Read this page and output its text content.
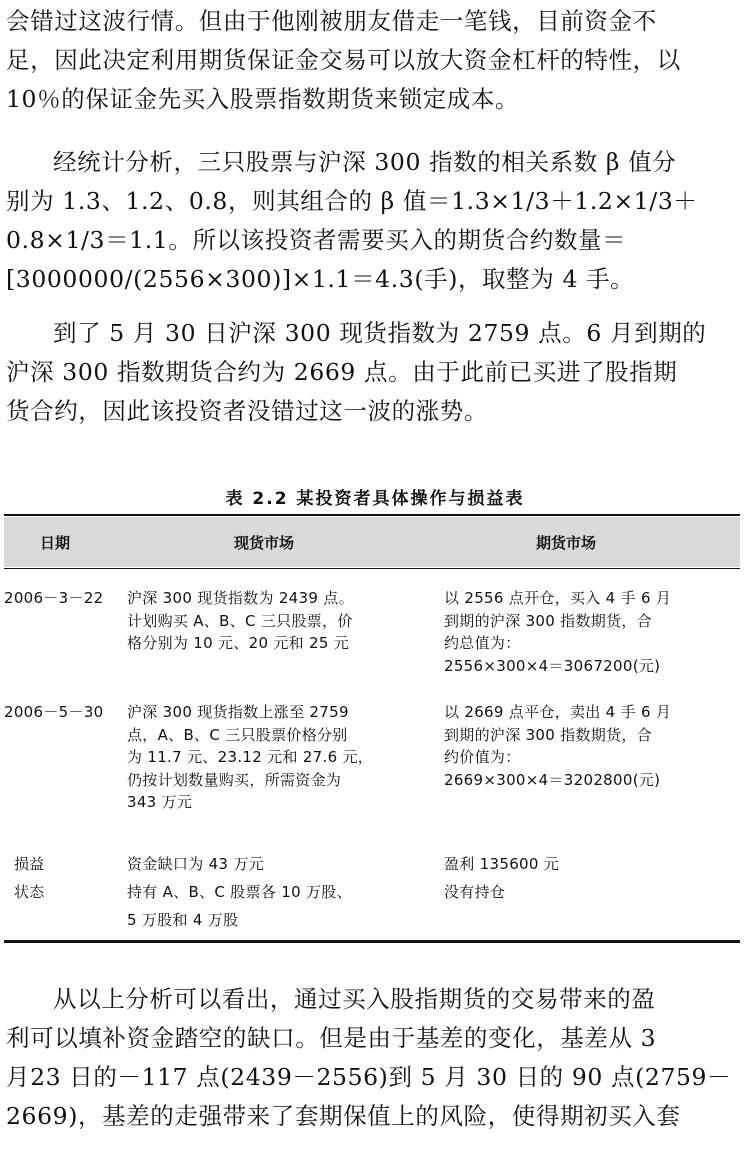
会错过这波行情。但由于他刚被朋友借走一笔钱，目前资金不
足，因此决定利用期货保证金交易可以放大资金杠杆的特性，以
10％的保证金先买入股票指数期货来锁定成本。
经统计分析，三只股票与沪深 300 指数的相关系数 β 值分
别为 1.3、1.2、0.8，则其组合的 β 值＝1.3×1/3＋1.2×1/3＋
0.8×1/3＝1.1。所以该投资者需要买入的期货合约数量＝
[3000000/(2556×300)]×1.1＝4.3(手)，取整为 4 手。
到了 5 月 30 日沪深 300 现货指数为 2759 点。6 月到期的
沪深 300 指数期货合约为 2669 点。由于此前已买进了股指期
货合约，因此该投资者没错过这一波的涨势。
表 2.2 某投资者具体操作与损益表
日期	现货市场	期货市场
2006－3－22 沪深 300 现货指数为 2439 点。
计划购买 A、B、C 三只股票，价
格分别为 10 元、20 元和 25 元
以 2556 点开仓，买入 4 手 6 月
到期的沪深 300 指数期货，合
约总值为：
2556×300×4＝3067200(元)
2006－5－30 沪深 300 现货指数上涨至 2759
点，A、B、C 三只股票价格分别
为 11.7 元、23.12 元和 27.6 元，
仍按计划数量购买，所需资金为
343 万元
以 2669 点平仓，卖出 4 手 6 月
到期的沪深 300 指数期货，合
约价值为：
2669×300×4＝3202800(元)
损益
状态
资金缺口为 43 万元
持有 A、B、C 股票各 10 万股、
5 万股和 4 万股
盈利 135600 元
没有持仓
从以上分析可以看出，通过买入股指期货的交易带来的盈
利可以填补资金踏空的缺口。但是由于基差的变化，基差从 3
月23 日的－117 点(2439－2556)到 5 月 30 日的 90 点(2759－
2669)，基差的走强带来了套期保值上的风险，使得期初买入套
